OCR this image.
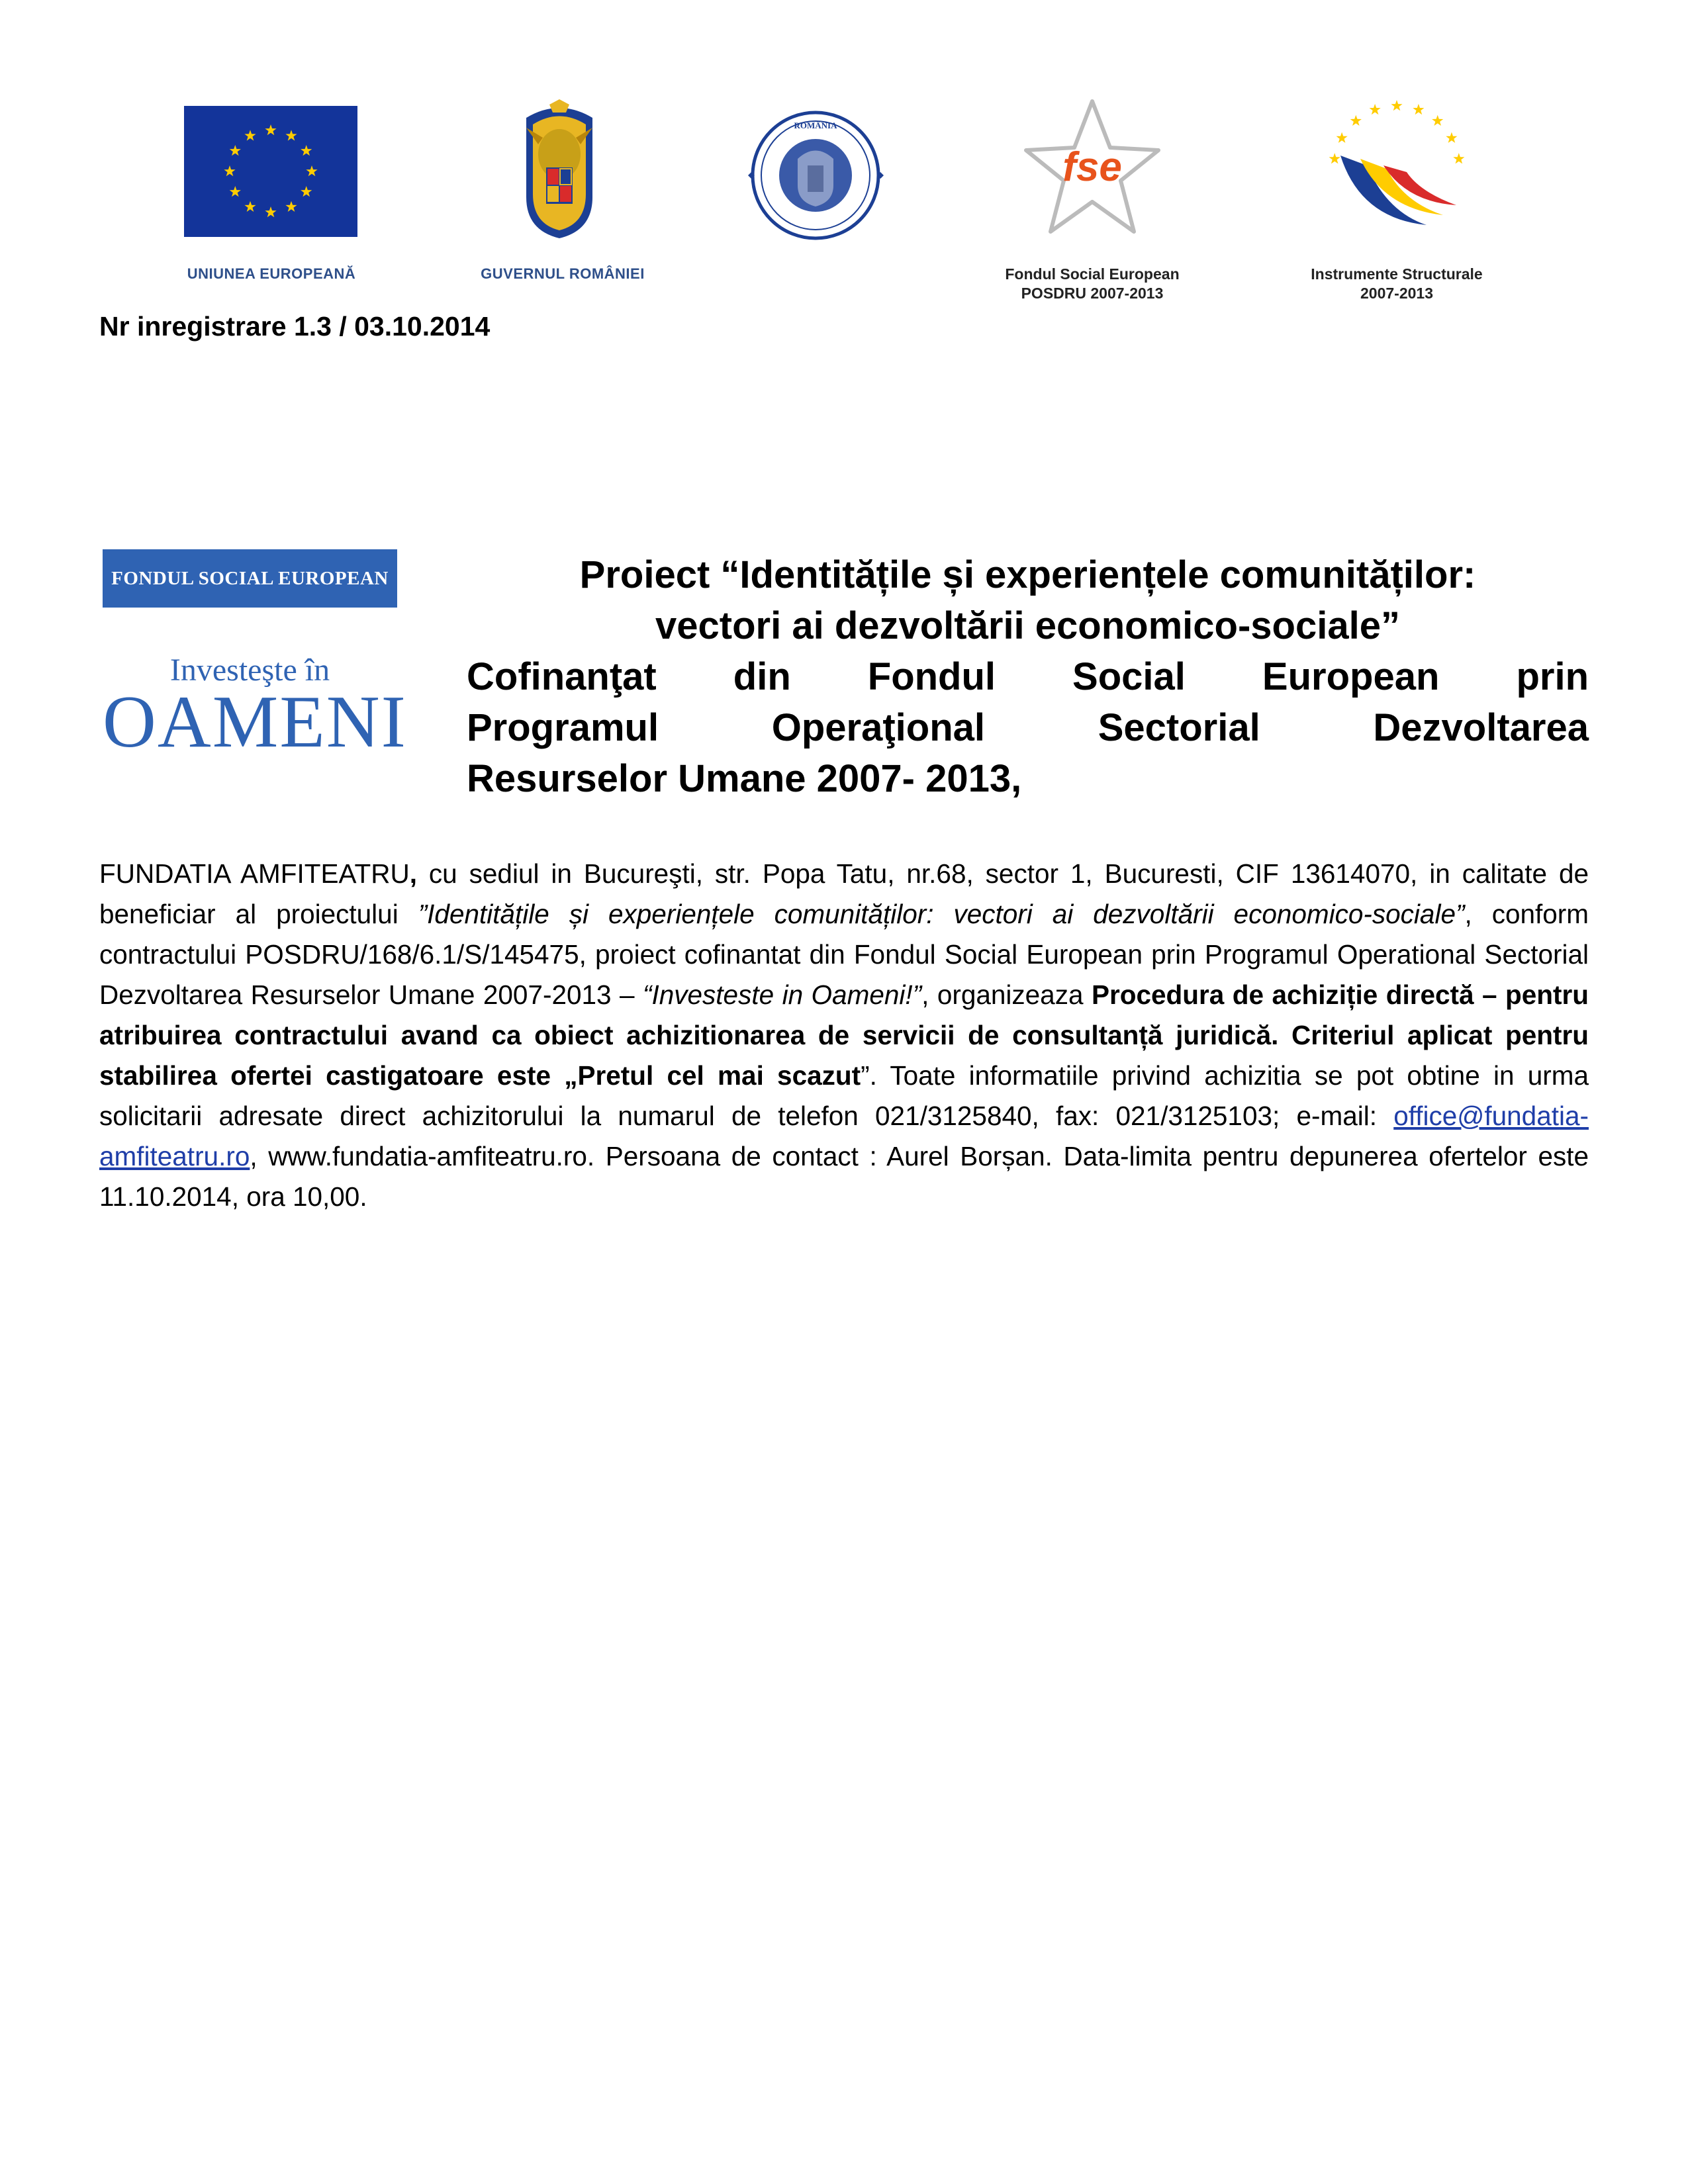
UNIUNEA EUROPEANĂ	GUVERNUL ROMÂNIEI
ROMÂNIA
fse
Fondul Social European
POSDRU 2007-2013
Instrumente Structurale
2007-2013
Nr inregistrare 1.3 / 03.10.2014
FONDUL SOCIAL EUROPEAN
Investeşte în
OAMENI
Proiect “Identitățile și experiențele comunităților:
vectori ai dezvoltării economico-sociale”
Cofinanţat din Fondul Social European prin
Programul Operaţional Sectorial Dezvoltarea
Resurselor Umane 2007- 2013,

FUNDATIA AMFITEATRU, cu sediul in Bucureşti, str. Popa Tatu, nr.68, sector 1, Bucuresti, CIF 13614070, in calitate de beneficiar al proiectului ”Identitățile și experiențele comunităților: vectori ai dezvoltării economico-sociale”, conform contractului POSDRU/168/6.1/S/145475, proiect cofinantat din Fondul Social European prin Programul Operational Sectorial Dezvoltarea Resurselor Umane 2007-2013 – “Investeste in Oameni!”, organizeaza Procedura de achiziție directă – pentru atribuirea contractului avand ca obiect achizitionarea de servicii de consultanță juridică. Criteriul aplicat pentru stabilirea ofertei castigatoare este „Pretul cel mai scazut”. Toate informatiile privind achizitia se pot obtine in urma solicitarii adresate direct achizitorului la numarul de telefon 021/3125840, fax: 021/3125103; e-mail: office@fundatia-amfiteatru.ro, www.fundatia-amfiteatru.ro. Persoana de contact : Aurel Borșan. Data-limita pentru depunerea ofertelor este 11.10.2014, ora 10,00.
